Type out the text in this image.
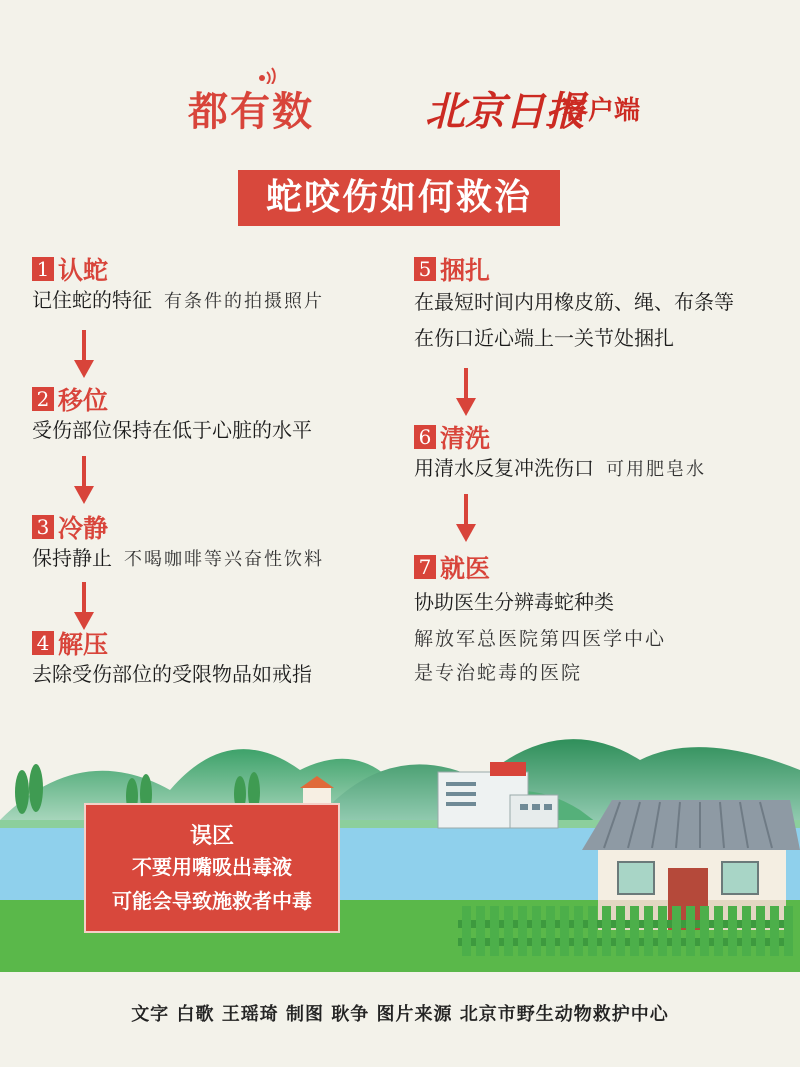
都有数	北京日报
客户端
蛇咬伤如何救治
1 认蛇
记住蛇的特征 有条件的拍摄照片
2 移位
受伤部位保持在低于心脏的水平
3 冷静
保持静止 不喝咖啡等兴奋性饮料
4 解压
去除受伤部位的受限物品如戒指
5 捆扎
在最短时间内用橡皮筋、绳、布条等
在伤口近心端上一关节处捆扎
6 清洗
用清水反复冲洗伤口 可用肥皂水
7 就医
协助医生分辨毒蛇种类
解放军总医院第四医学中心
是专治蛇毒的医院
误区
不要用嘴吸出毒液
可能会导致施救者中毒
文字 白歌 王瑶琦 制图 耿争 图片来源 北京市野生动物救护中心
